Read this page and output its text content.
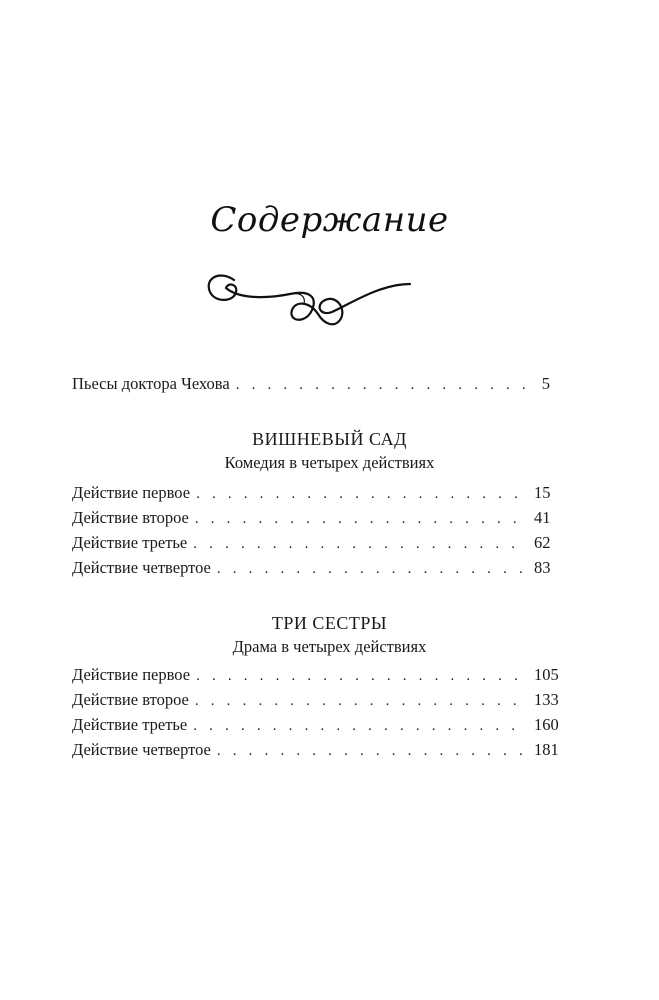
Содержание
Пьесы доктора Чехова . . .	5
ВИШНЕВЫЙ САД
Комедия в четырех действиях
Действие первое . . .	15
Действие второе . . .	41
Действие третье . . .	62
Действие четвертое . . .	83
ТРИ СЕСТРЫ
Драма в четырех действиях
Действие первое . . .	105
Действие второе . . .	133
Действие третье . . .	160
Действие четвертое . . .	181
